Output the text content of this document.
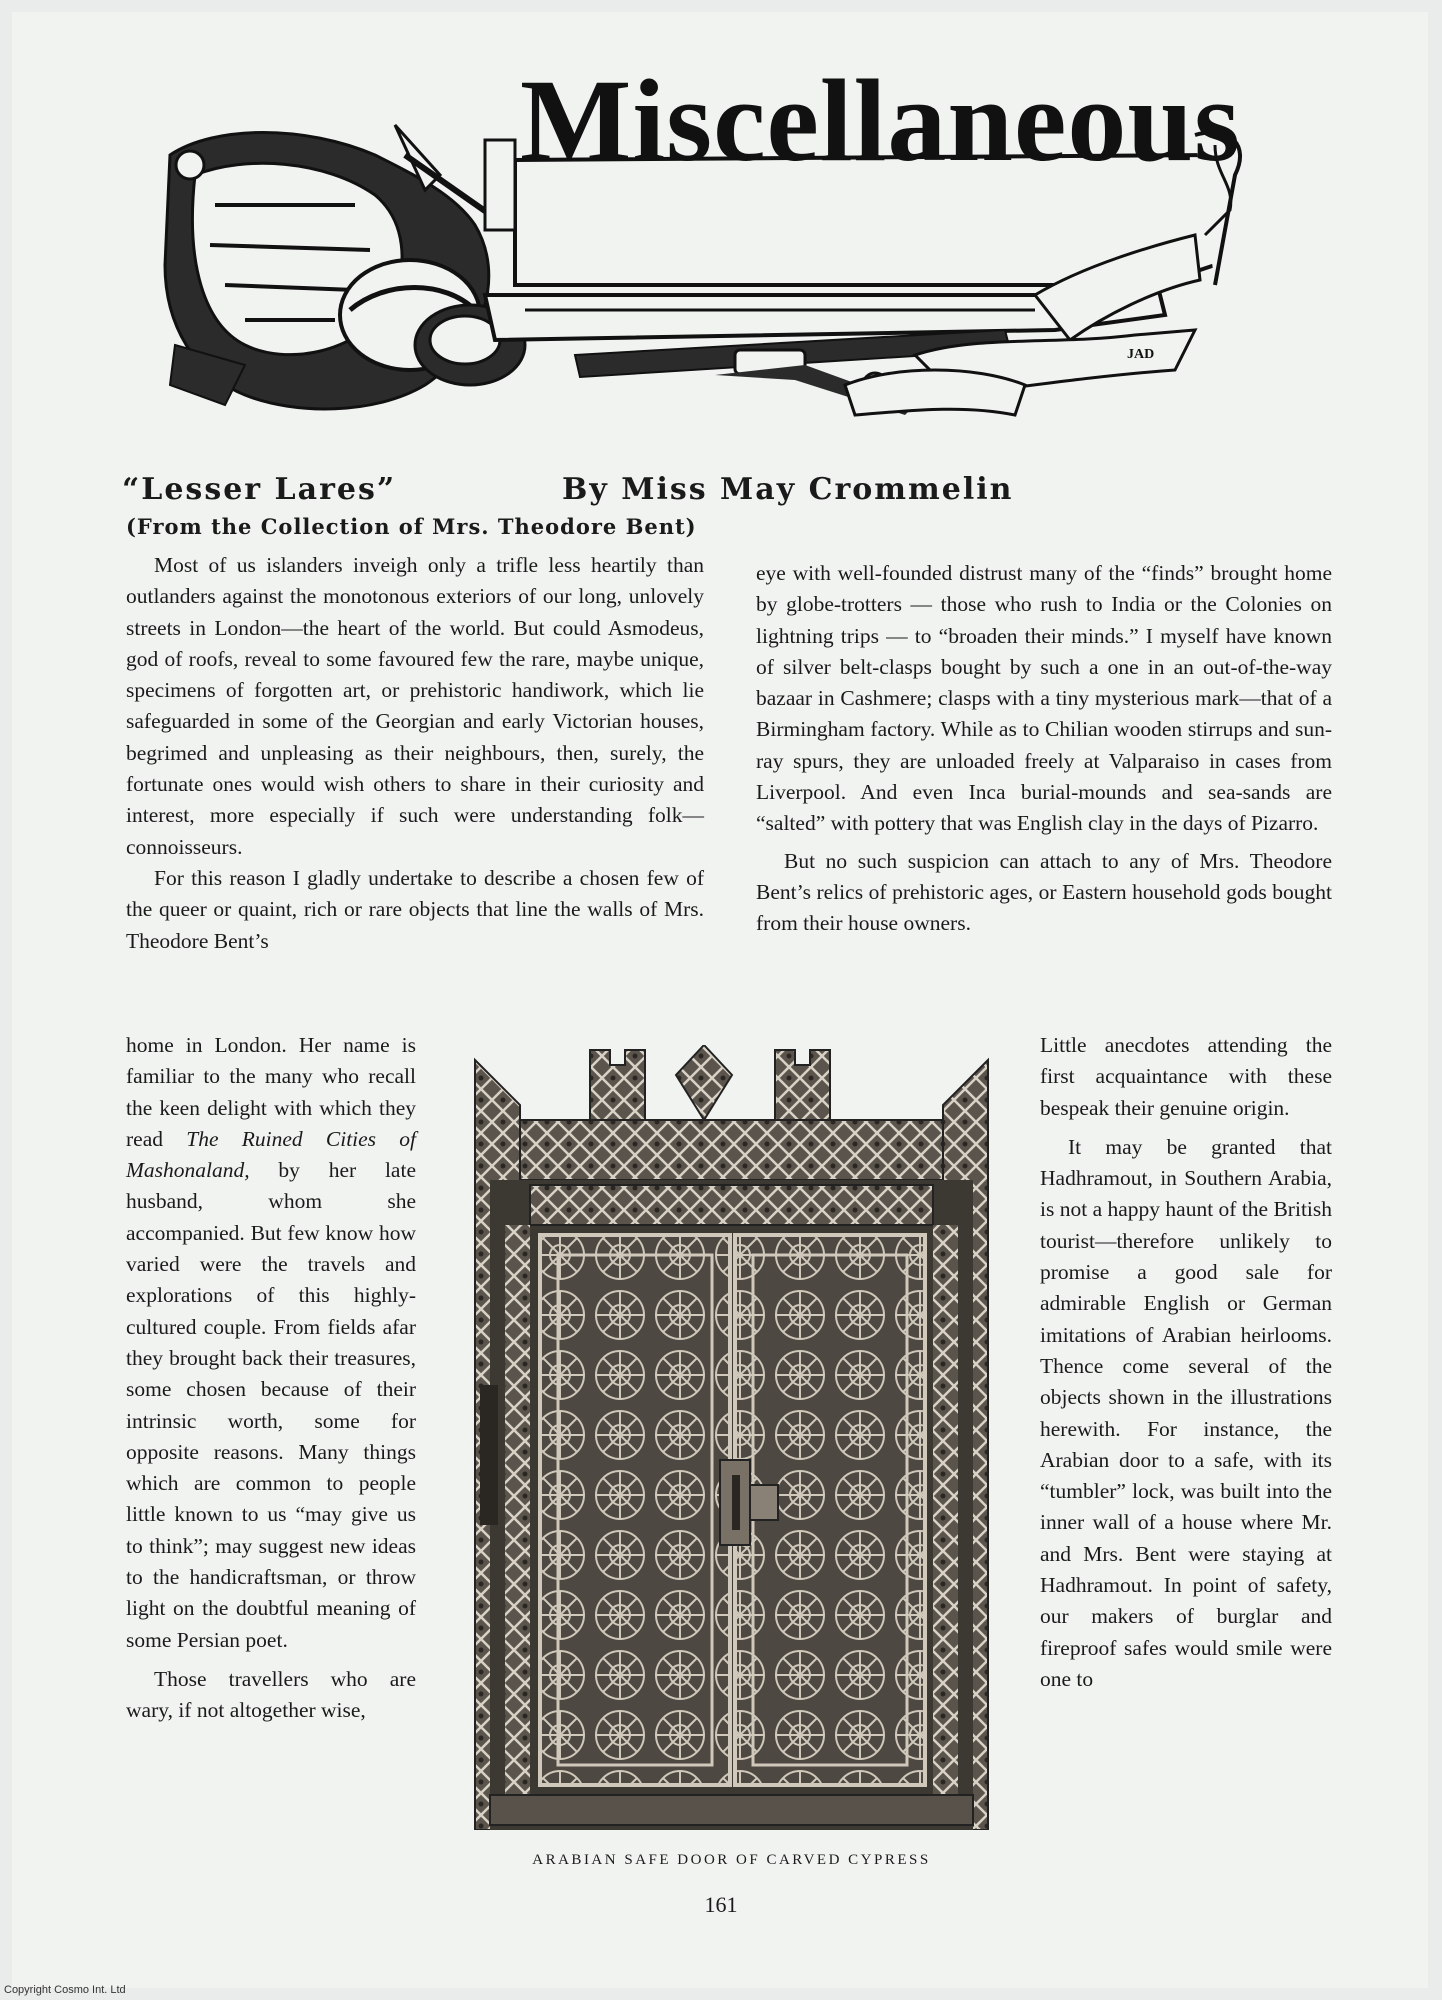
JAD
Miscellaneous
“Lesser Lares”	By Miss May Crommelin
(From the Collection of Mrs. Theodore Bent)

Most of us islanders inveigh only a trifle less heartily than outlanders against the monotonous exteriors of our long, unlovely streets in London—the heart of the world. But could Asmodeus, god of roofs, reveal to some favoured few the rare, maybe unique, specimens of forgotten art, or prehistoric handiwork, which lie safeguarded in some of the Georgian and early Victorian houses, begrimed and unpleasing as their neighbours, then, surely, the fortunate ones would wish others to share in their curiosity and interest, more especially if such were understanding folk—connoisseurs.

For this reason I gladly undertake to describe a chosen few of the queer or quaint, rich or rare objects that line the walls of Mrs. Theodore Bent’s

home in London. Her name is familiar to the many who recall the keen delight with which they read The Ruined Cities of Mashonaland, by her late husband, whom she accompanied. But few know how varied were the travels and explorations of this highly-cultured couple. From fields afar they brought back their treasures, some chosen because of their intrinsic worth, some for opposite reasons. Many things which are common to people little known to us “may give us to think”; may suggest new ideas to the handicraftsman, or throw light on the doubtful meaning of some Persian poet.

Those travellers who are wary, if not altogether wise,

eye with well-founded distrust many of the “finds” brought home by globe-trotters — those who rush to India or the Colonies on lightning trips — to “broaden their minds.” I myself have known of silver belt-clasps bought by such a one in an out-of-the-way bazaar in Cashmere; clasps with a tiny mysterious mark—that of a Birmingham factory. While as to Chilian wooden stirrups and sun-ray spurs, they are unloaded freely at Valparaiso in cases from Liverpool. And even Inca burial-mounds and sea-sands are “salted” with pottery that was English clay in the days of Pizarro.

But no such suspicion can attach to any of Mrs. Theodore Bent’s relics of prehistoric ages, or Eastern household gods bought from their house owners.

Little anecdotes attending the first acquaintance with these bespeak their genuine origin.

It may be granted that Hadhramout, in Southern Arabia, is not a happy haunt of the British tourist—therefore unlikely to promise a good sale for admirable English or German imitations of Arabian heirlooms. Thence come several of the objects shown in the illustrations herewith. For instance, the Arabian door to a safe, with its “tumbler” lock, was built into the inner wall of a house where Mr. and Mrs. Bent were staying at Hadhramout. In point of safety, our makers of burglar and fireproof safes would smile were one to

ARABIAN SAFE DOOR OF CARVED CYPRESS
161
Copyright Cosmo Int. Ltd
